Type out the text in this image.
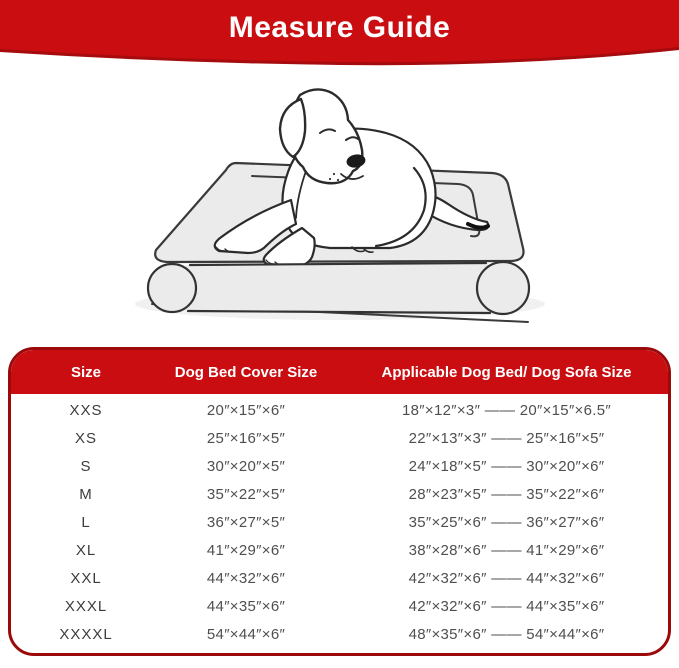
Measure Guide
Size	Dog Bed Cover Size	Applicable Dog Bed/ Dog Sofa Size
XXS	20″×15″×6″	18″×12″×3″ —— 20″×15″×6.5″
XS	25″×16″×5″	22″×13″×3″ —— 25″×16″×5″
S	30″×20″×5″	24″×18″×5″ —— 30″×20″×6″
M	35″×22″×5″	28″×23″×5″ —— 35″×22″×6″
L	36″×27″×5″	35″×25″×6″ —— 36″×27″×6″
XL	41″×29″×6″	38″×28″×6″ —— 41″×29″×6″
XXL	44″×32″×6″	42″×32″×6″ —— 44″×32″×6″
XXXL	44″×35″×6″	42″×32″×6″ —— 44″×35″×6″
XXXXL	54″×44″×6″	48″×35″×6″ —— 54″×44″×6″
